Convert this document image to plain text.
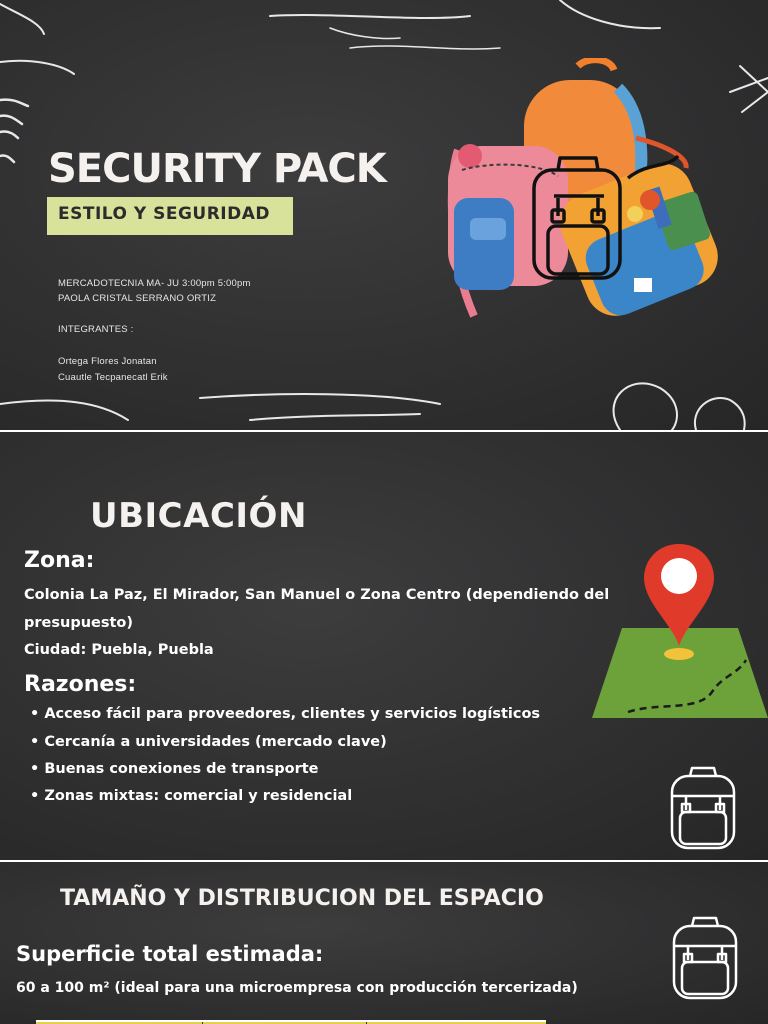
SECURITY PACK
ESTILO Y SEGURIDAD
MERCADOTECNIA MA- JU 3:00pm 5:00pm
PAOLA CRISTAL SERRANO ORTIZ
INTEGRANTES :
Ortega Flores Jonatan
Cuautle Tecpanecatl Erik
UBICACIÓN
Zona:
Colonia La Paz, El Mirador, San Manuel o Zona Centro (dependiendo del
presupuesto)
Ciudad: Puebla, Puebla
Razones:
• Acceso fácil para proveedores, clientes y servicios logísticos
• Cercanía a universidades (mercado clave)
• Buenas conexiones de transporte
• Zonas mixtas: comercial y residencial
TAMAÑO Y DISTRIBUCION DEL ESPACIO
Superficie total estimada:
60 a 100 m² (ideal para una microempresa con producción tercerizada)
